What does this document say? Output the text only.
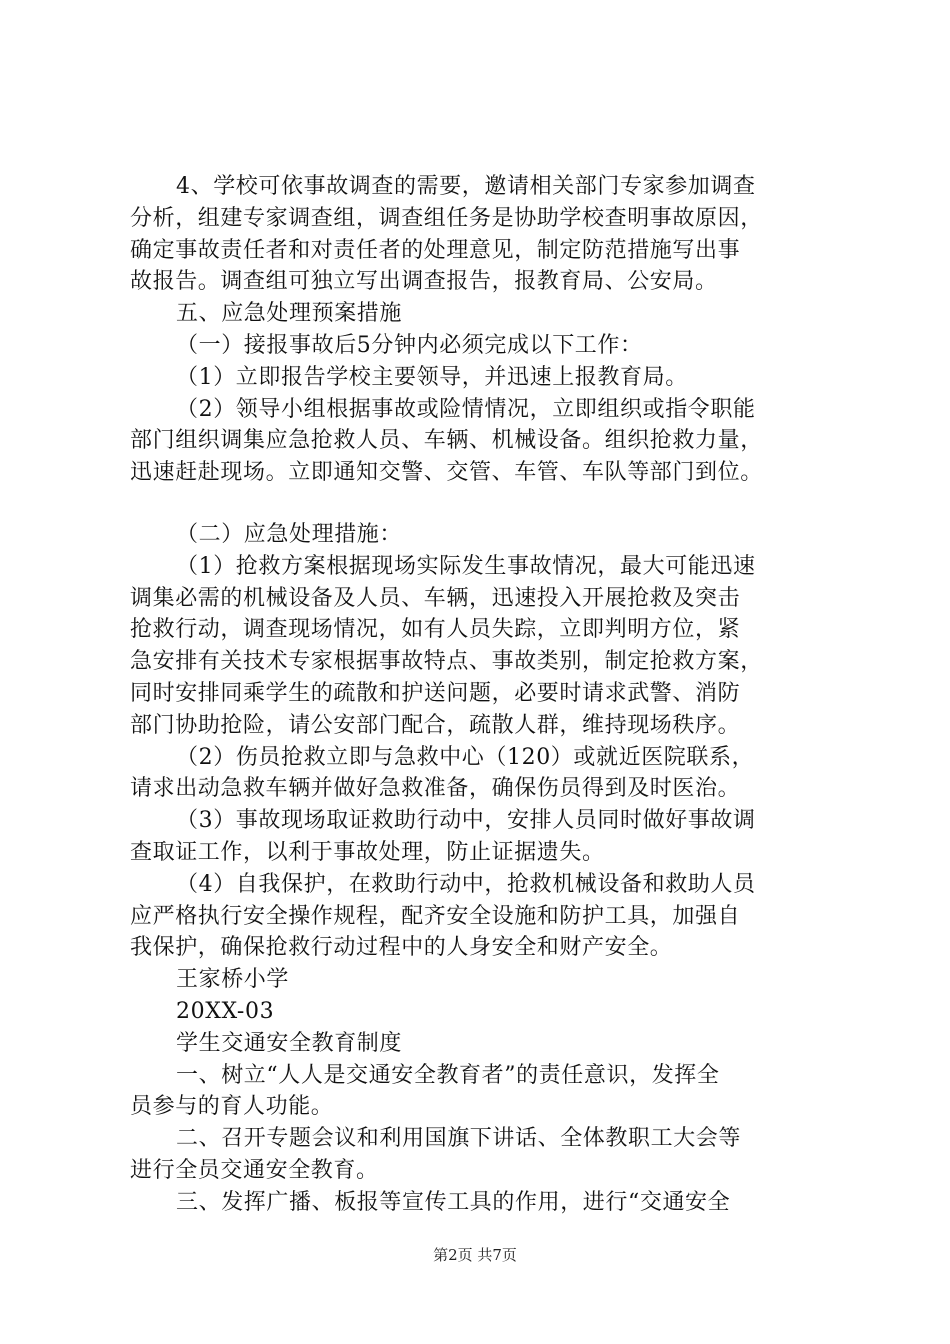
4、学校可依事故调查的需要，邀请相关部门专家参加调查
分析，组建专家调查组，调查组任务是协助学校查明事故原因，
确定事故责任者和对责任者的处理意见，制定防范措施写出事
故报告。调查组可独立写出调查报告，报教育局、公安局。
五、应急处理预案措施
（一）接报事故后5分钟内必须完成以下工作：
（1）立即报告学校主要领导，并迅速上报教育局。
（2）领导小组根据事故或险情情况，立即组织或指令职能
部门组织调集应急抢救人员、车辆、机械设备。组织抢救力量，
迅速赶赴现场。立即通知交警、交管、车管、车队等部门到位。
（二）应急处理措施：
（1）抢救方案根据现场实际发生事故情况，最大可能迅速
调集必需的机械设备及人员、车辆，迅速投入开展抢救及突击
抢救行动，调查现场情况，如有人员失踪，立即判明方位，紧
急安排有关技术专家根据事故特点、事故类别，制定抢救方案，
同时安排同乘学生的疏散和护送问题，必要时请求武警、消防
部门协助抢险，请公安部门配合，疏散人群，维持现场秩序。
（2）伤员抢救立即与急救中心（120）或就近医院联系，
请求出动急救车辆并做好急救准备，确保伤员得到及时医治。
（3）事故现场取证救助行动中，安排人员同时做好事故调
查取证工作，以利于事故处理，防止证据遗失。
（4）自我保护，在救助行动中，抢救机械设备和救助人员
应严格执行安全操作规程，配齐安全设施和防护工具，加强自
我保护，确保抢救行动过程中的人身安全和财产安全。
王家桥小学
20XX-03
学生交通安全教育制度
一、树立“人人是交通安全教育者”的责任意识，发挥全
员参与的育人功能。
二、召开专题会议和利用国旗下讲话、全体教职工大会等
进行全员交通安全教育。
三、发挥广播、板报等宣传工具的作用，进行“交通安全
第2页 共7页
